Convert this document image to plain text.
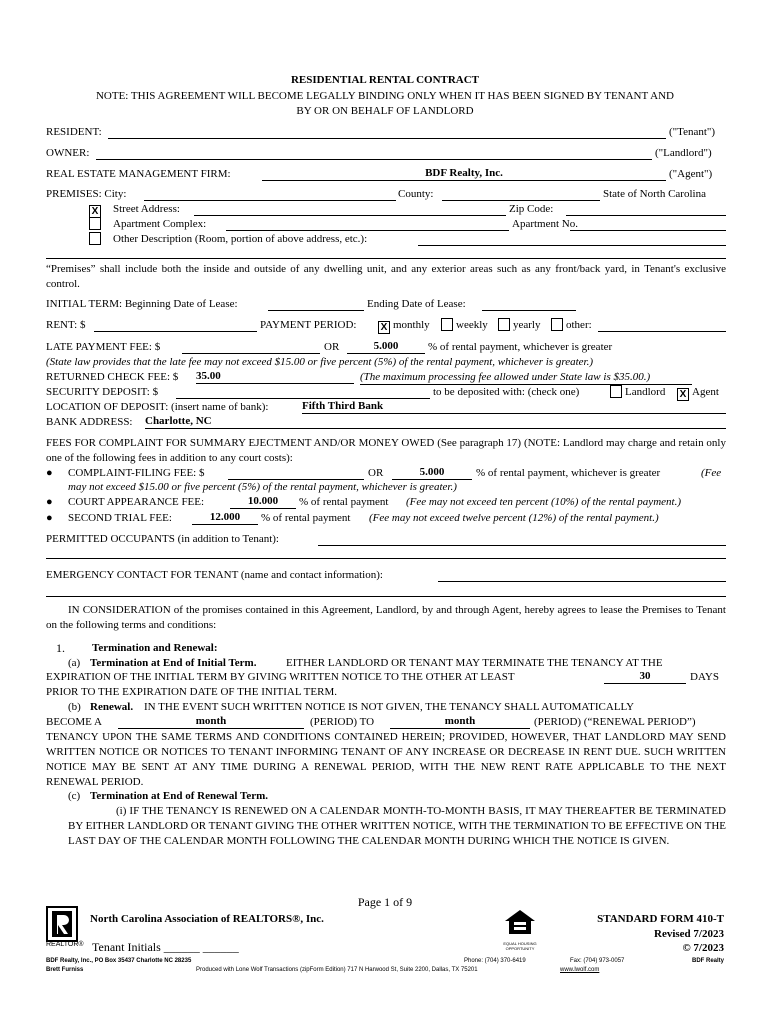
RESIDENTIAL RENTAL CONTRACT
NOTE: THIS AGREEMENT WILL BECOME LEGALLY BINDING ONLY WHEN IT HAS BEEN SIGNED BY TENANT AND
BY OR ON BEHALF OF LANDLORD
RESIDENT:	("Tenant")
OWNER:	("Landlord")
REAL ESTATE MANAGEMENT FIRM:	BDF Realty, Inc.	("Agent")
PREMISES: City:	County:	State of North Carolina
X Street Address:	Zip Code:
Apartment Complex:	Apartment No.
Other Description (Room, portion of above address, etc.):
“Premises” shall include both the inside and outside of any dwelling unit, and any exterior areas such as any front/back yard, in Tenant's exclusive control.
INITIAL TERM: Beginning Date of Lease:	Ending Date of Lease:
RENT: $	PAYMENT PERIOD: X monthly weekly yearly other:
LATE PAYMENT FEE: $	OR	5.000	% of rental payment, whichever is greater
(State law provides that the late fee may not exceed $15.00 or five percent (5%) of the rental payment, whichever is greater.)
RETURNED CHECK FEE: $ 35.00	(The maximum processing fee allowed under State law is $35.00.)
SECURITY DEPOSIT: $	to be deposited with: (check one)	Landlord X Agent
LOCATION OF DEPOSIT: (insert name of bank):	Fifth Third Bank
BANK ADDRESS: Charlotte, NC
FEES FOR COMPLAINT FOR SUMMARY EJECTMENT AND/OR MONEY OWED (See paragraph 17) (NOTE: Landlord may charge and retain only one of the following fees in addition to any court costs):
● COMPLAINT-FILING FEE: $	OR	5.000	% of rental payment, whichever is greater	(Fee
may not exceed $15.00 or five percent (5%) of the rental payment, whichever is greater.)
● COURT APPEARANCE FEE:	10.000	% of rental payment (Fee may not exceed ten percent (10%) of the rental payment.)
● SECOND TRIAL FEE:	12.000	% of rental payment (Fee may not exceed twelve percent (12%) of the rental payment.)
PERMITTED OCCUPANTS (in addition to Tenant):
EMERGENCY CONTACT FOR TENANT (name and contact information):
IN CONSIDERATION of the promises contained in this Agreement, Landlord, by and through Agent, hereby agrees to lease the Premises to Tenant on the following terms and conditions:
1. Termination and Renewal:
(a) Termination at End of Initial Term.	EITHER LANDLORD OR TENANT MAY TERMINATE THE TENANCY AT THE
EXPIRATION OF THE INITIAL TERM BY GIVING WRITTEN NOTICE TO THE OTHER AT LEAST	30	DAYS
PRIOR TO THE EXPIRATION DATE OF THE INITIAL TERM.
(b) Renewal. IN THE EVENT SUCH WRITTEN NOTICE IS NOT GIVEN, THE TENANCY SHALL AUTOMATICALLY
BECOME A	month	(PERIOD) TO	month	(PERIOD) (“RENEWAL PERIOD”)
TENANCY UPON THE SAME TERMS AND CONDITIONS CONTAINED HEREIN; PROVIDED, HOWEVER, THAT LANDLORD MAY SEND WRITTEN NOTICE OR NOTICES TO TENANT INFORMING TENANT OF ANY INCREASE OR DECREASE IN RENT DUE. SUCH WRITTEN NOTICE MAY BE SENT AT ANY TIME DURING A RENEWAL PERIOD, WITH THE NEW RENT RATE APPLICABLE TO THE NEXT RENEWAL PERIOD.
(c) Termination at End of Renewal Term.
(i) IF THE TENANCY IS RENEWED ON A CALENDAR MONTH-TO-MONTH BASIS, IT MAY THEREAFTER BE TERMINATED BY EITHER LANDLORD OR TENANT GIVING THE OTHER WRITTEN NOTICE, WITH THE TERMINATION TO BE EFFECTIVE ON THE LAST DAY OF THE CALENDAR MONTH FOLLOWING THE CALENDAR MONTH DURING WHICH THE NOTICE IS GIVEN.
Page 1 of 9
North Carolina Association of REALTORS®, Inc.
REALTOR® Tenant Initials ______ ______	EQUAL HOUSING OPPORTUNITY
STANDARD FORM 410-T
Revised 7/2023
© 7/2023
BDF Realty, Inc., PO Box 35437 Charlotte NC 28235	Phone: (704) 370-6419	Fax: (704) 973-0057	BDF Realty
Brett Furniss	Produced with Lone Wolf Transactions (zipForm Edition) 717 N Harwood St, Suite 2200, Dallas, TX 75201	www.lwolf.com
